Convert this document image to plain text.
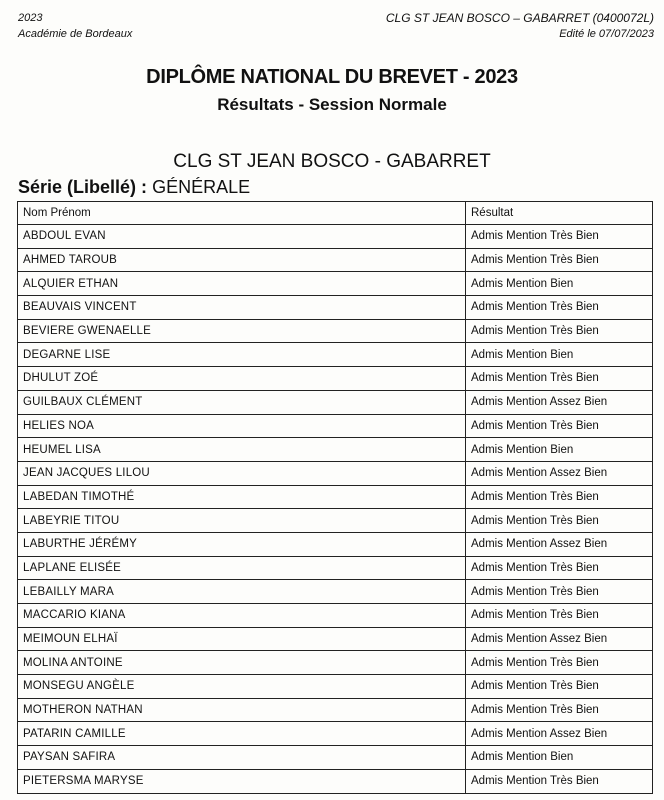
2023
Académie de Bordeaux
CLG ST JEAN BOSCO – GABARRET (0400072L)
Edité le 07/07/2023
DIPLÔME NATIONAL DU BREVET - 2023
Résultats - Session Normale
CLG ST JEAN BOSCO - GABARRET
Série (Libellé) : GÉNÉRALE
Nom Prénom	Résultat
ABDOUL EVAN	Admis Mention Très Bien
AHMED TAROUB	Admis Mention Très Bien
ALQUIER ETHAN	Admis Mention Bien
BEAUVAIS VINCENT	Admis Mention Très Bien
BEVIERE GWENAELLE	Admis Mention Très Bien
DEGARNE LISE	Admis Mention Bien
DHULUT ZOÉ	Admis Mention Très Bien
GUILBAUX CLÉMENT	Admis Mention Assez Bien
HELIES NOA	Admis Mention Très Bien
HEUMEL LISA	Admis Mention Bien
JEAN JACQUES LILOU	Admis Mention Assez Bien
LABEDAN TIMOTHÉ	Admis Mention Très Bien
LABEYRIE TITOU	Admis Mention Très Bien
LABURTHE JÉRÉMY	Admis Mention Assez Bien
LAPLANE ELISÉE	Admis Mention Très Bien
LEBAILLY MARA	Admis Mention Très Bien
MACCARIO KIANA	Admis Mention Très Bien
MEIMOUN ELHAÏ	Admis Mention Assez Bien
MOLINA ANTOINE	Admis Mention Très Bien
MONSEGU ANGÈLE	Admis Mention Très Bien
MOTHERON NATHAN	Admis Mention Très Bien
PATARIN CAMILLE	Admis Mention Assez Bien
PAYSAN SAFIRA	Admis Mention Bien
PIETERSMA MARYSE	Admis Mention Très Bien
